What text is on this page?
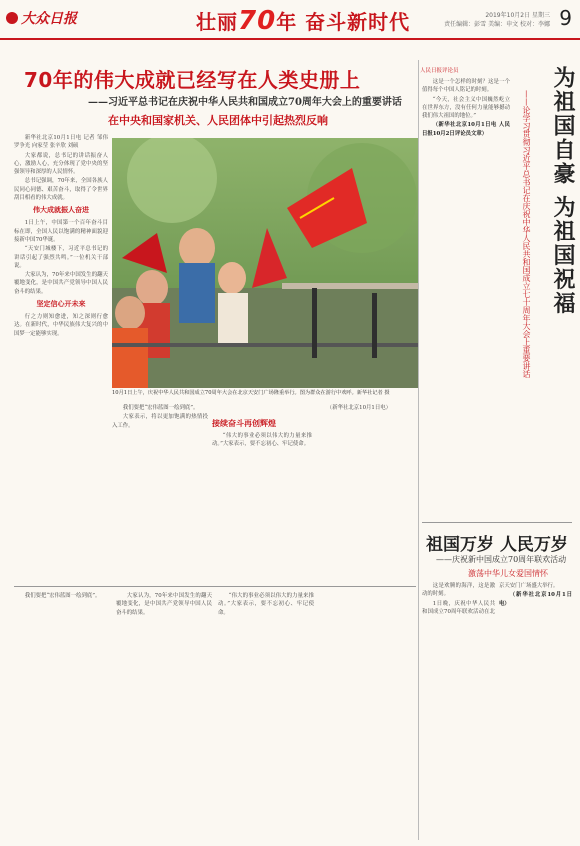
大众日报	壮丽70年 奋斗新时代	2019年10月2日 星期三
责任编辑：彭雪 美编：申文 校对：李娜 9
70年的伟大成就已经写在人类史册上
——习近平总书记在庆祝中华人民共和国成立70周年大会上的重要讲话
在中央和国家机关、人民团体中引起热烈反响

新华社北京10月1日电 记者 邹伟 罗争光 向家莹 张辛欣 刘硕

大家都说，总书记的讲话振奋人心，激励人心，充分体现了党中央的坚强领导和深厚的人民情怀。

总书记强调，70年来，全国各族人民同心同德、艰苦奋斗，取得了令世界刮目相看的伟大成就。

伟大成就振人奋进

1日上午，中国第一个百年奋斗目标在即，全国人民以饱满的精神面貌迎接新中国70华诞。

“天安门城楼下，习近平总书记的讲话引起了强烈共鸣。”一位机关干部说。

大家认为，70年来中国发生的翻天覆地变化，是中国共产党领导中国人民奋斗的结果。

坚定信心开未来

行之力则知愈进，知之深则行愈达。在新时代，中华民族伟大复兴的中国梦一定能够实现。

10月1日上午，庆祝中华人民共和国成立70周年大会在北京天安门广场隆重举行。图为群众在游行中欢呼。新华社记者 摄

我们要把“宏伟蓝图一绘到底”。

大家表示，将以更加饱满的热情投入工作。	接续奋斗再创辉煌

“伟大的事业必须以伟大的力量来推动。”大家表示，要不忘初心、牢记使命。

（新华社北京10月1日电）

我们要把“宏伟蓝图一绘到底”。	大家认为，70年来中国发生的翻天覆地变化，是中国共产党领导中国人民奋斗的结果。

“伟大的事业必须以伟大的力量来推动。”大家表示，要不忘初心、牢记使命。

人民日报评论员	为祖国自豪 为祖国祝福
——论学习贯彻习近平总书记在庆祝中华人民共和国成立七十周年大会上重要讲话

这是一个怎样的时刻？这是一个值得每个中国人铭记的时刻。

“今天，社会主义中国巍然屹立在世界东方，没有任何力量能够撼动我们伟大祖国的地位。”

（新华社北京10月1日电 人民日报10月2日评论员文章）

祖国万岁 人民万岁
——庆祝新中国成立70周年联欢活动
激荡中华儿女爱国情怀

这是欢腾的海洋，这是激动的时刻。

1日晚，庆祝中华人民共和国成立70周年联欢活动在北京天安门广场盛大举行。

（新华社北京10月1日电）
